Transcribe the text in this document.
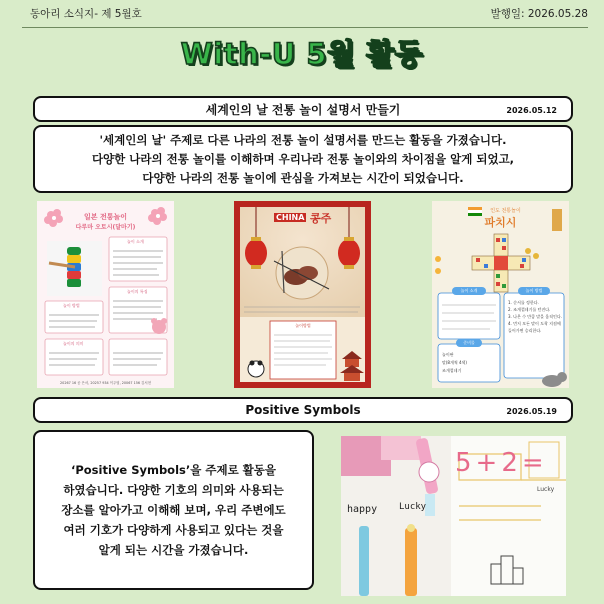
동아리 소식지- 제 5월호	발행일: 2026.05.28
With-U 5월 활동
세계인의 날 전통 놀이 설명서 만들기	2026.05.12
'세계인의 날' 주제로 다른 나라의 전통 놀이 설명서를 만드는 활동을 가졌습니다.
다양한 나라의 전통 놀이를 이해하며 우리나라 전통 놀이와의 차이점을 알게 되었고,
다양한 나라의 전통 놀이에 관심을 가져보는 시간이 되었습니다.
일본 전통놀이
다루마 오토시(달마기)
놀이 소개
놀이 방법
놀이의 특징
놀이의 의미
20267 16 공 은서, 20257 934 이주엽, 20067 156 김서현
CHINA 콩주
놀이방법
인도 전통놀이
파치시
놀이 소개	놀이 방법
준비물
1. 순서를 정한다.
2. 조개껍데기를 던진다.
3. 나온 수 만큼 말을 움직인다.
4. 먼저 모든 말이 도착 지점에 들어가면 승리한다.
놀이판
말(8개씩 4색)
조개껍데기
Positive Symbols	2026.05.19
‘Positive Symbols’을 주제로 활동을
하였습니다. 다양한 기호의 의미와 사용되는
장소를 알아가고 이해해 보며, 우리 주변에도
여러 기호가 다양하게 사용되고 있다는 것을
알게 되는 시간을 가졌습니다.
happy Lucky
5+2=
Lucky
